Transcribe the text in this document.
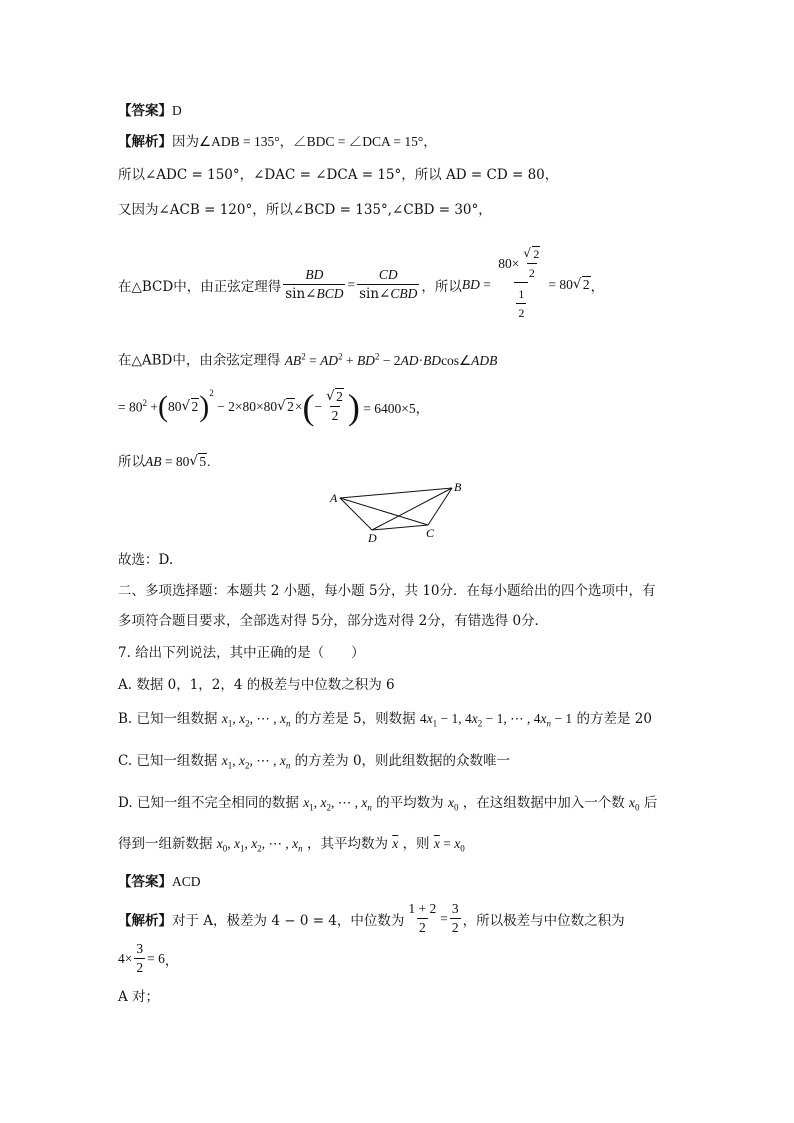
【答案】D
【解析】因为∠ADB = 135°，∠BDC = ∠DCA = 15°，
所以∠ADC = 150°，∠DAC = ∠DCA = 15°，所以 AD = CD = 80，
又因为∠ACB = 120°，所以∠BCD = 135°,∠CBD = 30°，
在△BCD中，由正弦定理得 $\frac{BD}{\text{sin∠BCD}} = \frac{CD}{\text{sin∠CBD}}$ ，所以 BD = $\frac{80\times √ \frac{2}{2}}{\frac{1}{2}} = 80$ √ 2 ，
在△ABD中，由余弦定理得 $AB^2 = AD^2 + BD^2$ − 2AD·BDcos∠ADB
= $80^2$ + ( 80 √ 2 )$^2$
− 2×80×80 √ 2× ( − √ $\frac{2}{2}$ ) = 6400×5，
所以AB = 80 √ 5.
A
B
C
D
故选：D.
二、多项选择题：本题共 2 小题，每小题 5分，共 10分．在每小题给出的四个选项中，有
多项符合题目要求，全部选对得 5分，部分选对得 2分，有错选得 0分．
7. 给出下列说法，其中正确的是（　　）
A. 数据 0，1，2，4 的极差与中位数之积为 6
B. 已知一组数据 $x_1$, $x_2$, ⋯ , $x_n$ 的方差是 5，则数据 $4x_1 - 1$, $4x_2 - 1$, ⋯ , $4x_n - 1$ 的方差是 20
C. 已知一组数据 $x_1$, $x_2$, ⋯ , $x_n$ 的方差为 0，则此组数据的众数唯一
D. 已知一组不完全相同的数据 $x_1$, $x_2$, ⋯ , $x_n$ 的平均数为 $x_0$ ，在这组数据中加入一个数 $x_0$ 后
得到一组新数据 $x_0$, $x_1$, $x_2$, ⋯ , $x_n$ ，其平均数为 $\overline{x}$ ，则 $\overline{x} = x_0$
【答案】ACD
【解析】 对于 A，极差为 4 − 0 = 4，中位数为 $\frac{1 + 2}{2} = \frac{3}{2}$ ，所以极差与中位数之积为
$4\times \frac{3}{2} = 6$ ，
A 对；
